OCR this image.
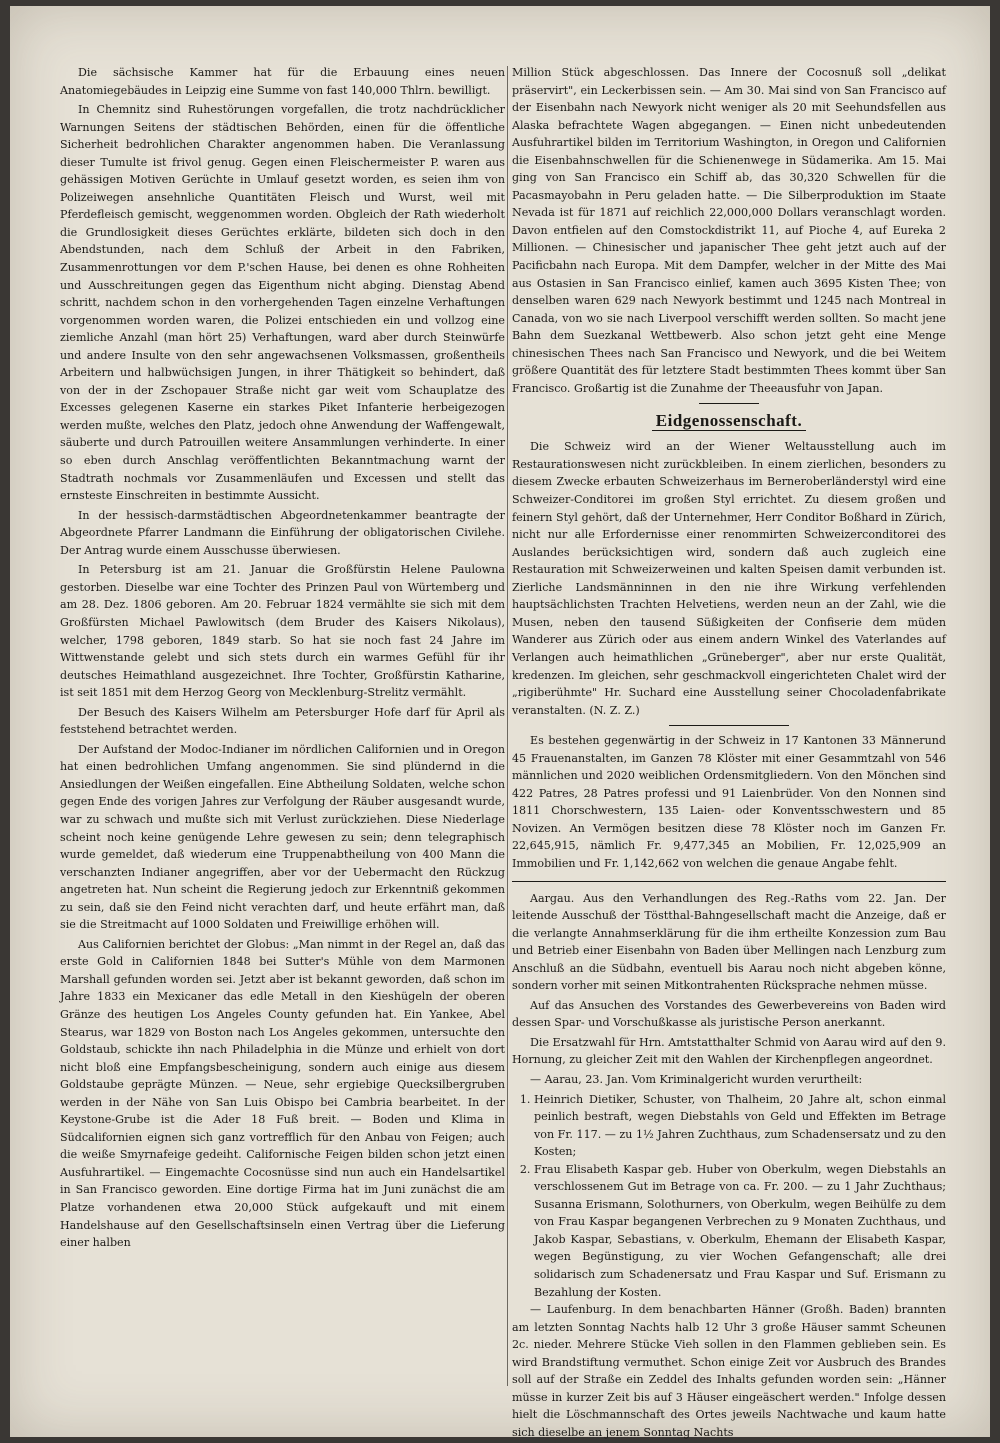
Die sächsische Kammer hat für die Erbauung eines neuen Anatomiegebäudes in Leipzig eine Summe von fast 140,000 Thlrn. bewilligt.

In Chemnitz sind Ruhestörungen vorgefallen, die trotz nachdrücklicher Warnungen Seitens der städtischen Behörden, einen für die öffentliche Sicherheit bedrohlichen Charakter angenommen haben. Die Veranlassung dieser Tumulte ist frivol genug. Gegen einen Fleischermeister P. waren aus gehässigen Motiven Gerüchte in Umlauf gesetzt worden, es seien ihm von Polizeiwegen ansehnliche Quantitäten Fleisch und Wurst, weil mit Pferdefleisch gemischt, weggenommen worden. Obgleich der Rath wiederholt die Grundlosigkeit dieses Gerüchtes erklärte, bildeten sich doch in den Abendstunden, nach dem Schluß der Arbeit in den Fabriken, Zusammenrottungen vor dem P.'schen Hause, bei denen es ohne Rohheiten und Ausschreitungen gegen das Eigenthum nicht abging. Dienstag Abend schritt, nachdem schon in den vorhergehenden Tagen einzelne Verhaftungen vorgenommen worden waren, die Polizei entschieden ein und vollzog eine ziemliche Anzahl (man hört 25) Verhaftungen, ward aber durch Steinwürfe und andere Insulte von den sehr angewachsenen Volksmassen, großentheils Arbeitern und halbwüchsigen Jungen, in ihrer Thätigkeit so behindert, daß von der in der Zschopauer Straße nicht gar weit vom Schauplatze des Excesses gelegenen Kaserne ein starkes Piket Infanterie herbeigezogen werden mußte, welches den Platz, jedoch ohne Anwendung der Waffengewalt, säuberte und durch Patrouillen weitere Ansammlungen verhinderte. In einer so eben durch Anschlag veröffentlichten Bekanntmachung warnt der Stadtrath nochmals vor Zusammenläufen und Excessen und stellt das ernsteste Einschreiten in bestimmte Aussicht.

In der hessisch-darmstädtischen Abgeordnetenkammer beantragte der Abgeordnete Pfarrer Landmann die Einführung der obligatorischen Civilehe. Der Antrag wurde einem Ausschusse überwiesen.

In Petersburg ist am 21. Januar die Großfürstin Helene Paulowna gestorben. Dieselbe war eine Tochter des Prinzen Paul von Würtemberg und am 28. Dez. 1806 geboren. Am 20. Februar 1824 vermählte sie sich mit dem Großfürsten Michael Pawlowitsch (dem Bruder des Kaisers Nikolaus), welcher, 1798 geboren, 1849 starb. So hat sie noch fast 24 Jahre im Wittwenstande gelebt und sich stets durch ein warmes Gefühl für ihr deutsches Heimathland ausgezeichnet. Ihre Tochter, Großfürstin Katharine, ist seit 1851 mit dem Herzog Georg von Mecklenburg-Strelitz vermählt.

Der Besuch des Kaisers Wilhelm am Petersburger Hofe darf für April als feststehend betrachtet werden.

Der Aufstand der Modoc-Indianer im nördlichen Californien und in Oregon hat einen bedrohlichen Umfang angenommen. Sie sind plündernd in die Ansiedlungen der Weißen eingefallen. Eine Abtheilung Soldaten, welche schon gegen Ende des vorigen Jahres zur Verfolgung der Räuber ausgesandt wurde, war zu schwach und mußte sich mit Verlust zurückziehen. Diese Niederlage scheint noch keine genügende Lehre gewesen zu sein; denn telegraphisch wurde gemeldet, daß wiederum eine Truppenabtheilung von 400 Mann die verschanzten Indianer angegriffen, aber vor der Uebermacht den Rückzug angetreten hat. Nun scheint die Regierung jedoch zur Erkenntniß gekommen zu sein, daß sie den Feind nicht verachten darf, und heute erfährt man, daß sie die Streitmacht auf 1000 Soldaten und Freiwillige erhöhen will.

Aus Californien berichtet der Globus: „Man nimmt in der Regel an, daß das erste Gold in Californien 1848 bei Sutter's Mühle von dem Marmonen Marshall gefunden worden sei. Jetzt aber ist bekannt geworden, daß schon im Jahre 1833 ein Mexicaner das edle Metall in den Kieshügeln der oberen Gränze des heutigen Los Angeles County gefunden hat. Ein Yankee, Abel Stearus, war 1829 von Boston nach Los Angeles gekommen, untersuchte den Goldstaub, schickte ihn nach Philadelphia in die Münze und erhielt von dort nicht bloß eine Empfangsbescheinigung, sondern auch einige aus diesem Goldstaube geprägte Münzen. — Neue, sehr ergiebige Quecksilbergruben werden in der Nähe von San Luis Obispo bei Cambria bearbeitet. In der Keystone-Grube ist die Ader 18 Fuß breit. — Boden und Klima in Südcalifornien eignen sich ganz vortrefflich für den Anbau von Feigen; auch die weiße Smyrnafeige gedeiht. Californische Feigen bilden schon jetzt einen Ausfuhrartikel. — Eingemachte Cocosnüsse sind nun auch ein Handelsartikel in San Francisco geworden. Eine dortige Firma hat im Juni zunächst die am Platze vorhandenen etwa 20,000 Stück aufgekauft und mit einem Handelshause auf den Gesellschaftsinseln einen Vertrag über die Lieferung einer halben

Million Stück abgeschlossen. Das Innere der Cocosnuß soll „delikat präservirt", ein Leckerbissen sein. — Am 30. Mai sind von San Francisco auf der Eisenbahn nach Newyork nicht weniger als 20 mit Seehundsfellen aus Alaska befrachtete Wagen abgegangen. — Einen nicht unbedeutenden Ausfuhrartikel bilden im Territorium Washington, in Oregon und Californien die Eisenbahnschwellen für die Schienenwege in Südamerika. Am 15. Mai ging von San Francisco ein Schiff ab, das 30,320 Schwellen für die Pacasmayobahn in Peru geladen hatte. — Die Silberproduktion im Staate Nevada ist für 1871 auf reichlich 22,000,000 Dollars veranschlagt worden. Davon entfielen auf den Comstockdistrikt 11, auf Pioche 4, auf Eureka 2 Millionen. — Chinesischer und japanischer Thee geht jetzt auch auf der Pacificbahn nach Europa. Mit dem Dampfer, welcher in der Mitte des Mai aus Ostasien in San Francisco einlief, kamen auch 3695 Kisten Thee; von denselben waren 629 nach Newyork bestimmt und 1245 nach Montreal in Canada, von wo sie nach Liverpool verschifft werden sollten. So macht jene Bahn dem Suezkanal Wettbewerb. Also schon jetzt geht eine Menge chinesischen Thees nach San Francisco und Newyork, und die bei Weitem größere Quantität des für letztere Stadt bestimmten Thees kommt über San Francisco. Großartig ist die Zunahme der Theeausfuhr von Japan.

Eidgenossenschaft.

Die Schweiz wird an der Wiener Weltausstellung auch im Restaurationswesen nicht zurückbleiben. In einem zierlichen, besonders zu diesem Zwecke erbauten Schweizerhaus im Berneroberländerstyl wird eine Schweizer-Conditorei im großen Styl errichtet. Zu diesem großen und feinern Styl gehört, daß der Unternehmer, Herr Conditor Boßhard in Zürich, nicht nur alle Erfordernisse einer renommirten Schweizerconditorei des Auslandes berücksichtigen wird, sondern daß auch zugleich eine Restauration mit Schweizerweinen und kalten Speisen damit verbunden ist. Zierliche Landsmänninnen in den nie ihre Wirkung verfehlenden hauptsächlichsten Trachten Helvetiens, werden neun an der Zahl, wie die Musen, neben den tausend Süßigkeiten der Confiserie dem müden Wanderer aus Zürich oder aus einem andern Winkel des Vaterlandes auf Verlangen auch heimathlichen „Grüneberger", aber nur erste Qualität, kredenzen. Im gleichen, sehr geschmackvoll eingerichteten Chalet wird der „rigiberühmte" Hr. Suchard eine Ausstellung seiner Chocoladenfabrikate veranstalten. (N. Z. Z.)

Es bestehen gegenwärtig in der Schweiz in 17 Kantonen 33 Männerund 45 Frauenanstalten, im Ganzen 78 Klöster mit einer Gesammtzahl von 546 männlichen und 2020 weiblichen Ordensmitgliedern. Von den Mönchen sind 422 Patres, 28 Patres professi und 91 Laienbrüder. Von den Nonnen sind 1811 Chorschwestern, 135 Laien- oder Konventsschwestern und 85 Novizen. An Vermögen besitzen diese 78 Klöster noch im Ganzen Fr. 22,645,915, nämlich Fr. 9,477,345 an Mobilien, Fr. 12,025,909 an Immobilien und Fr. 1,142,662 von welchen die genaue Angabe fehlt.

Aargau. Aus den Verhandlungen des Reg.-Raths vom 22. Jan. Der leitende Ausschuß der Töstthal-Bahngesellschaft macht die Anzeige, daß er die verlangte Annahmserklärung für die ihm ertheilte Konzession zum Bau und Betrieb einer Eisenbahn von Baden über Mellingen nach Lenzburg zum Anschluß an die Südbahn, eventuell bis Aarau noch nicht abgeben könne, sondern vorher mit seinen Mitkontrahenten Rücksprache nehmen müsse.

Auf das Ansuchen des Vorstandes des Gewerbevereins von Baden wird dessen Spar- und Vorschußkasse als juristische Person anerkannt.

Die Ersatzwahl für Hrn. Amtstatthalter Schmid von Aarau wird auf den 9. Hornung, zu gleicher Zeit mit den Wahlen der Kirchenpflegen angeordnet.

— Aarau, 23. Jan. Vom Kriminalgericht wurden verurtheilt:

1. Heinrich Dietiker, Schuster, von Thalheim, 20 Jahre alt, schon einmal peinlich bestraft, wegen Diebstahls von Geld und Effekten im Betrage von Fr. 117. — zu 1½ Jahren Zuchthaus, zum Schadensersatz und zu den Kosten;
2. Frau Elisabeth Kaspar geb. Huber von Oberkulm, wegen Diebstahls an verschlossenem Gut im Betrage von ca. Fr. 200. — zu 1 Jahr Zuchthaus; Susanna Erismann, Solothurners, von Oberkulm, wegen Beihülfe zu dem von Frau Kaspar begangenen Verbrechen zu 9 Monaten Zuchthaus, und Jakob Kaspar, Sebastians, v. Oberkulm, Ehemann der Elisabeth Kaspar, wegen Begünstigung, zu vier Wochen Gefangenschaft; alle drei solidarisch zum Schadenersatz und Frau Kaspar und Suf. Erismann zu Bezahlung der Kosten.

— Laufenburg. In dem benachbarten Hänner (Großh. Baden) brannten am letzten Sonntag Nachts halb 12 Uhr 3 große Häuser sammt Scheunen 2c. nieder. Mehrere Stücke Vieh sollen in den Flammen geblieben sein. Es wird Brandstiftung vermuthet. Schon einige Zeit vor Ausbruch des Brandes soll auf der Straße ein Zeddel des Inhalts gefunden worden sein: „Hänner müsse in kurzer Zeit bis auf 3 Häuser eingeäschert werden." Infolge dessen hielt die Löschmannschaft des Ortes jeweils Nachtwache und kaum hatte sich dieselbe an jenem Sonntag Nachts
